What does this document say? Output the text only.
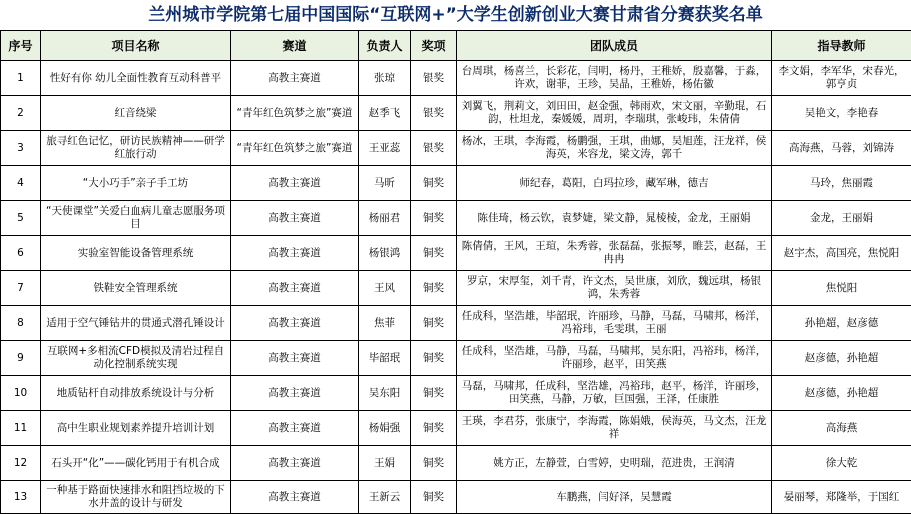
兰州城市学院第七届中国国际“互联网+”大学生创新创业大赛甘肃省分赛获奖名单
序号	项目名称	赛道	负责人	奖项	团队成员	指导教师
1	性好有你 幼儿全面性教育互动科普平	高教主赛道	张琼	银奖	台周琪，杨喜兰，长彩花，闫明，杨丹，王稚娇，殷嘉馨，于淼，许欢，谢菲，王珍，吴晶，王稚娇，杨佑徽	李文娟，李军华，宋春光，郭亨贞
2	红音绕梁	“青年红色筑梦之旅”赛道	赵季飞	银奖	刘翼飞，荆莉文，刘田田，赵金强，韩雨欢，宋文丽，辛勤琨，石韵，杜坦龙，秦媛媛，周玥，李瑞琪，张峻玮，朱倩倩	吴艳文，李艳春
3	旅寻红色记忆，研访民族精神——研学红旅行动	“青年红色筑梦之旅”赛道	王亚蕊	银奖	杨冰，王琪，李海霞，杨鹏强，王琪，曲娜，吴旭莲，汪龙祥，侯海英，米容龙，梁文涛，郭千	高海燕，马蓉，刘锦涛
4	“大小巧手”亲子手工坊	高教主赛道	马昕	铜奖	师纪春，葛阳，白玛拉珍，藏军琳，德吉	马玲，焦丽霞
5	“天使课堂”关爱白血病儿童志愿服务项目	高教主赛道	杨丽君	铜奖	陈佳琦，杨云钦，袁梦婕，梁文静，晁棱棱，金龙，王丽娟	金龙，王丽娟
6	实验室智能设备管理系统	高教主赛道	杨银鸿	铜奖	陈倩倩，王风，王瑄，朱秀蓉，张磊磊，张振琴，睢芸，赵磊，王冉冉	赵宇杰，高国亮，焦悦阳
7	铁鞋安全管理系统	高教主赛道	王风	铜奖	罗京，宋厚玺，刘千青，许文杰，吴世康，刘欣，魏远琪，杨银鸿，朱秀蓉	焦悦阳
8	适用于空气锤钻井的贯通式潜孔锤设计	高教主赛道	焦菲	铜奖	任成科，坚浩雄，毕韶珉，许丽珍，马静，马磊，马啸邦，杨洋，冯裕玮，毛雯琪，王丽	孙艳超，赵彦德
9	互联网+多相流CFD模拟及清岩过程自动化控制系统实现	高教主赛道	毕韶珉	铜奖	任成科，坚浩雄，马静，马磊，马啸邦，吴东阳，冯裕玮，杨洋，许丽珍，赵平，田笑燕	赵彦德，孙艳超
10	地质钻杆自动排放系统设计与分析	高教主赛道	吴东阳	铜奖	马磊，马啸邦，任成科，坚浩雄，冯裕玮，赵平，杨洋，许丽珍，田笑燕，马静，万敏，巨国强，王泽，任康胜	赵彦德，孙艳超
11	高中生职业规划素养提升培训计划	高教主赛道	杨娟强	铜奖	王瑛，李君芬，张康宁，李海霞，陈娟娥，侯海英，马文杰，汪龙祥	高海燕
12	石头开“化”——碳化钙用于有机合成	高教主赛道	王娟	铜奖	姚方正，左静萱，白雪婷，史明瑞，范进贵，王润清	徐大乾
13	一种基于路面快速排水和阻挡垃圾的下水井盖的设计与研发	高教主赛道	王新云	铜奖	车鹏燕，闫好泽，吴慧霞	晏丽琴，郑隆举，于国红
